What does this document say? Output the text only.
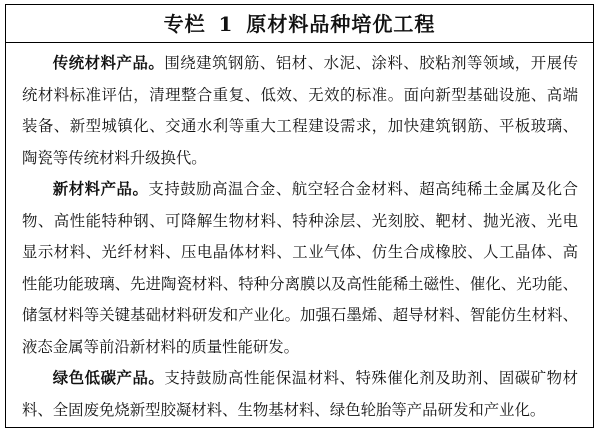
专栏 1 原材料品种培优工程
传统材料产品。围绕建筑钢筋、铝材、水泥、涂料、胶粘剂等领域，开展传
统材料标准评估，清理整合重复、低效、无效的标准。面向新型基础设施、高端
装备、新型城镇化、交通水利等重大工程建设需求，加快建筑钢筋、平板玻璃、
陶瓷等传统材料升级换代。
新材料产品。支持鼓励高温合金、航空轻合金材料、超高纯稀土金属及化合
物、高性能特种钢、可降解生物材料、特种涂层、光刻胶、靶材、抛光液、光电
显示材料、光纤材料、压电晶体材料、工业气体、仿生合成橡胶、人工晶体、高
性能功能玻璃、先进陶瓷材料、特种分离膜以及高性能稀土磁性、催化、光功能、
储氢材料等关键基础材料研发和产业化。加强石墨烯、超导材料、智能仿生材料、
液态金属等前沿新材料的质量性能研发。
绿色低碳产品。支持鼓励高性能保温材料、特殊催化剂及助剂、固碳矿物材
料、全固废免烧新型胶凝材料、生物基材料、绿色轮胎等产品研发和产业化。
